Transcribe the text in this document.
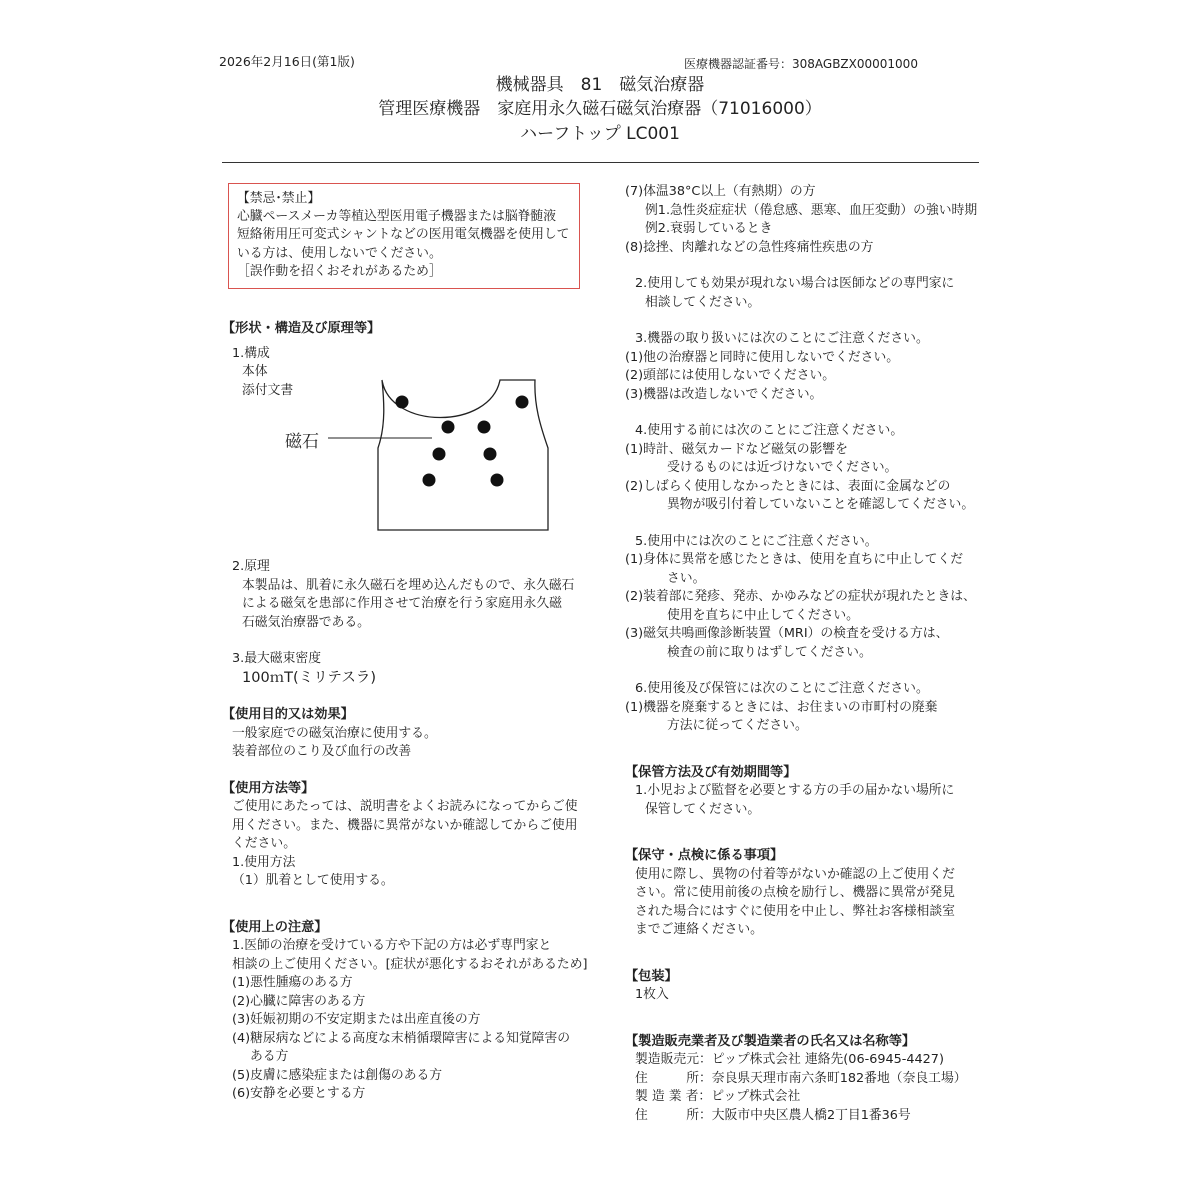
2026年2月16日(第1版)	医療機器認証番号：308AGBZX00001000
機械器具　81　磁気治療器
管理医療機器　家庭用永久磁石磁気治療器（71016000）
ハーフトップ LC001
【禁忌･禁止】
心臓ペースメーカ等植込型医用電子機器または脳脊髄液
短絡術用圧可変式シャントなどの医用電気機器を使用して
いる方は、使用しないでください。
［誤作動を招くおそれがあるため］
【形状・構造及び原理等】
1.構成
本体
添付文書
磁石
2.原理
本製品は、肌着に永久磁石を埋め込んだもので、永久磁石
による磁気を患部に作用させて治療を行う家庭用永久磁
石磁気治療器である。
3.最大磁束密度
100ｍT(ミリテスラ)
【使用目的又は効果】
一般家庭での磁気治療に使用する。
装着部位のこり及び血行の改善
【使用方法等】
ご使用にあたっては、説明書をよくお読みになってからご使
用ください。また、機器に異常がないか確認してからご使用
ください。
1.使用方法
（1）肌着として使用する。
【使用上の注意】
1.医師の治療を受けている方や下記の方は必ず専門家と
相談の上ご使用ください。[症状が悪化するおそれがあるため]
(1)悪性腫瘍のある方
(2)心臓に障害のある方
(3)妊娠初期の不安定期または出産直後の方
(4)糖尿病などによる高度な末梢循環障害による知覚障害の
ある方
(5)皮膚に感染症または創傷のある方
(6)安静を必要とする方
(7)体温38°C以上（有熱期）の方
例1.急性炎症症状（倦怠感、悪寒、血圧変動）の強い時期
例2.衰弱しているとき
(8)捻挫、肉離れなどの急性疼痛性疾患の方
2.使用しても効果が現れない場合は医師などの専門家に
相談してください。
3.機器の取り扱いには次のことにご注意ください。
(1)他の治療器と同時に使用しないでください。
(2)頭部には使用しないでください。
(3)機器は改造しないでください。
4.使用する前には次のことにご注意ください。
(1)時計、磁気カードなど磁気の影響を
受けるものには近づけないでください。
(2)しばらく使用しなかったときには、表面に金属などの
異物が吸引付着していないことを確認してください。
5.使用中には次のことにご注意ください。
(1)身体に異常を感じたときは、使用を直ちに中止してくだ
さい。
(2)装着部に発疹、発赤、かゆみなどの症状が現れたときは、
使用を直ちに中止してください。
(3)磁気共鳴画像診断装置（MRI）の検査を受ける方は、
検査の前に取りはずしてください。
6.使用後及び保管には次のことにご注意ください。
(1)機器を廃棄するときには、お住まいの市町村の廃棄
方法に従ってください。
【保管方法及び有効期間等】
1.小児および監督を必要とする方の手の届かない場所に
保管してください。
【保守・点検に係る事項】
使用に際し、異物の付着等がないか確認の上ご使用くだ
さい。常に使用前後の点検を励行し、機器に異常が発見
された場合にはすぐに使用を中止し、弊社お客様相談室
までご連絡ください。
【包装】
1枚入
【製造販売業者及び製造業者の氏名又は名称等】
製造販売元：ピップ株式会社 連絡先(06-6945-4427)
住　　　所：奈良県天理市南六条町182番地（奈良工場）
製 造 業 者：ピップ株式会社
住　　　所：大阪市中央区農人橋2丁目1番36号
